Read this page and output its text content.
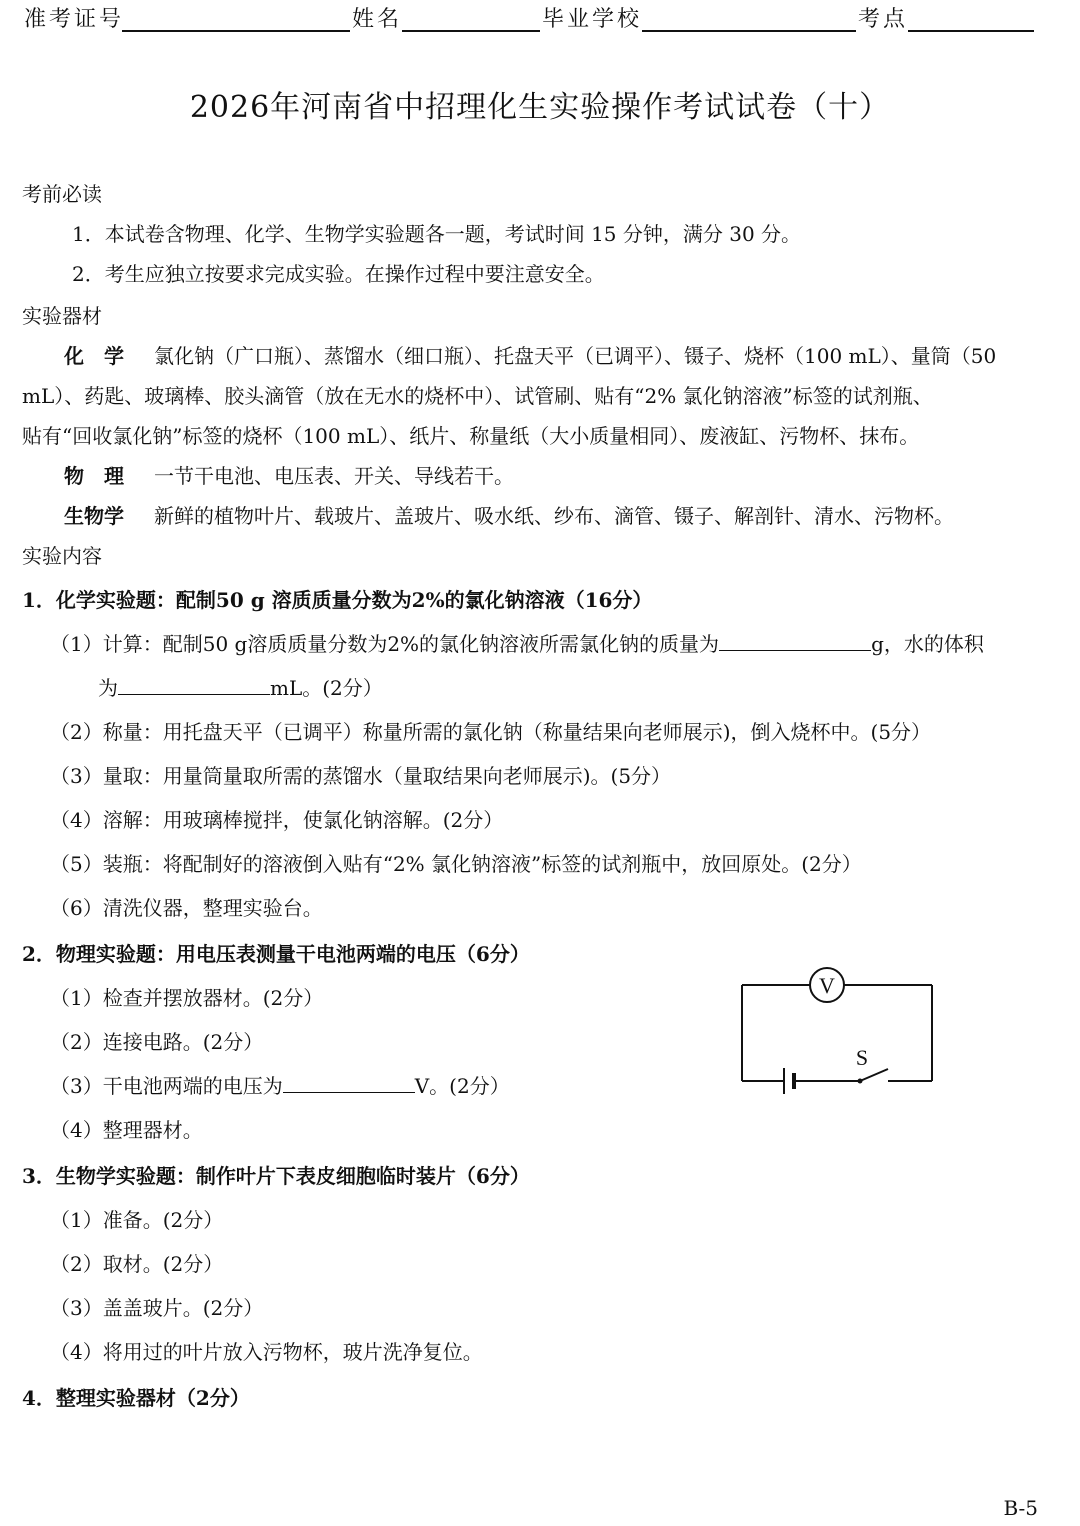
准考证号	姓名	毕业学校	考点
2026年河南省中招理化生实验操作考试试卷（十）
考前必读
1．本试卷含物理、化学、生物学实验题各一题，考试时间 15 分钟，满分 30 分。
2．考生应独立按要求完成实验。在操作过程中要注意安全。
实验器材
化　学 氯化钠（广口瓶）、蒸馏水（细口瓶）、托盘天平（已调平）、镊子、烧杯（100 mL）、量筒（50
mL）、药匙、玻璃棒、胶头滴管（放在无水的烧杯中）、试管刷、贴有“2% 氯化钠溶液”标签的试剂瓶、
贴有“回收氯化钠”标签的烧杯（100 mL）、纸片、称量纸（大小质量相同）、废液缸、污物杯、抹布。
物　理 一节干电池、电压表、开关、导线若干。
生物学 新鲜的植物叶片、载玻片、盖玻片、吸水纸、纱布、滴管、镊子、解剖针、清水、污物杯。
实验内容
1．化学实验题：配制50 g 溶质质量分数为2%的氯化钠溶液（16分）
（1）计算：配制50 g溶质质量分数为2%的氯化钠溶液所需氯化钠的质量为	g，水的体积
为	mL。(2分）
（2）称量：用托盘天平（已调平）称量所需的氯化钠（称量结果向老师展示)，倒入烧杯中。(5分）
（3）量取：用量筒量取所需的蒸馏水（量取结果向老师展示)。(5分）
（4）溶解：用玻璃棒搅拌，使氯化钠溶解。(2分）
（5）装瓶：将配制好的溶液倒入贴有“2% 氯化钠溶液”标签的试剂瓶中，放回原处。(2分）
（6）清洗仪器，整理实验台。
2．物理实验题：用电压表测量干电池两端的电压（6分）
（1）检查并摆放器材。(2分）
（2）连接电路。(2分）
（3）干电池两端的电压为	V。(2分）
（4）整理器材。
V
S
3．生物学实验题：制作叶片下表皮细胞临时装片（6分）
（1）准备。(2分）
（2）取材。(2分）
（3）盖盖玻片。(2分）
（4）将用过的叶片放入污物杯，玻片洗净复位。
4．整理实验器材（2分）
B-5
